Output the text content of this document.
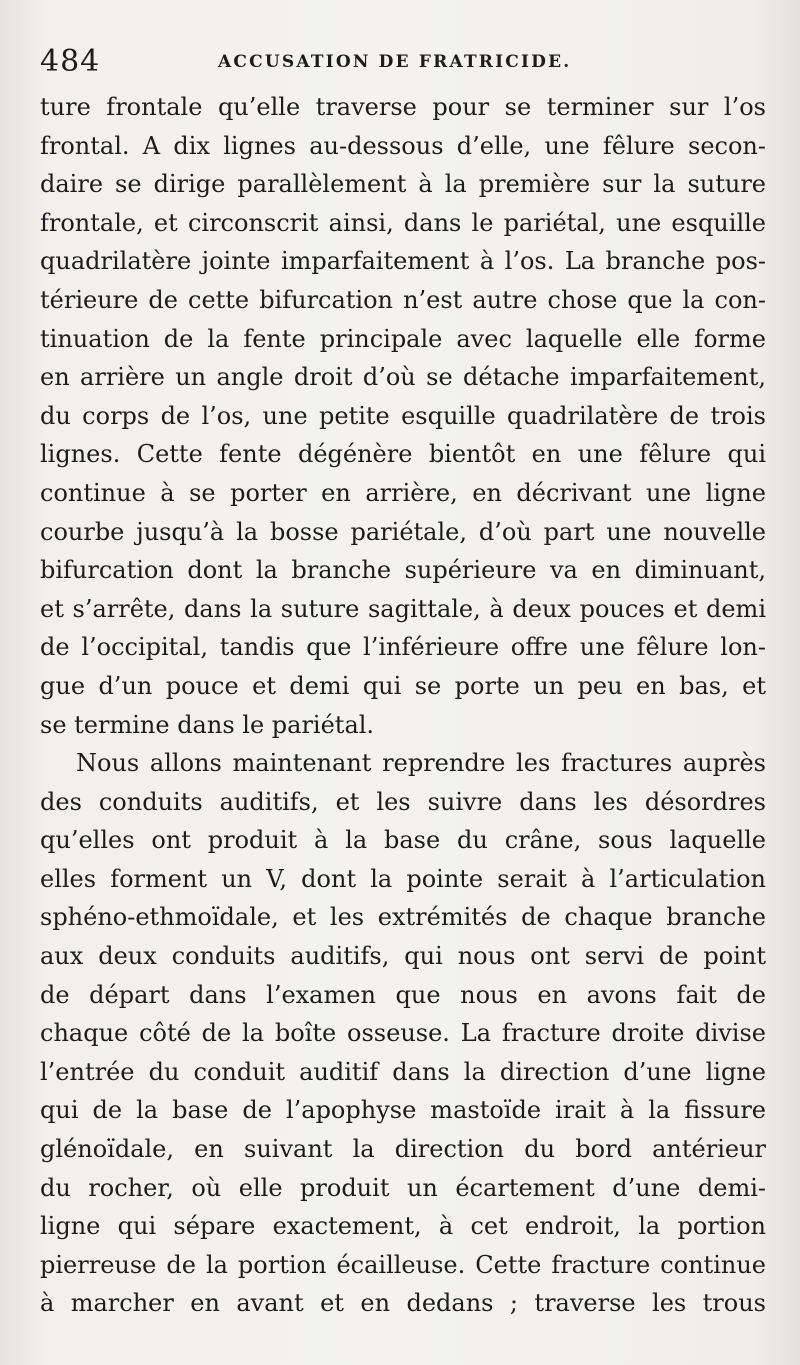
484	ACCUSATION DE FRATRICIDE.
ture frontale qu’elle traverse pour se terminer sur l’os
frontal. A dix lignes au-dessous d’elle, une fêlure secon-
daire se dirige parallèlement à la première sur la suture
frontale, et circonscrit ainsi, dans le pariétal, une esquille
quadrilatère jointe imparfaitement à l’os. La branche pos-
térieure de cette bifurcation n’est autre chose que la con-
tinuation de la fente principale avec laquelle elle forme
en arrière un angle droit d’où se détache imparfaitement,
du corps de l’os, une petite esquille quadrilatère de trois
lignes. Cette fente dégénère bientôt en une fêlure qui
continue à se porter en arrière, en décrivant une ligne
courbe jusqu’à la bosse pariétale, d’où part une nouvelle
bifurcation dont la branche supérieure va en diminuant,
et s’arrête, dans la suture sagittale, à deux pouces et demi
de l’occipital, tandis que l’inférieure offre une fêlure lon-
gue d’un pouce et demi qui se porte un peu en bas, et
se termine dans le pariétal.
Nous allons maintenant reprendre les fractures auprès
des conduits auditifs, et les suivre dans les désordres
qu’elles ont produit à la base du crâne, sous laquelle
elles forment un V, dont la pointe serait à l’articulation
sphéno-ethmoïdale, et les extrémités de chaque branche
aux deux conduits auditifs, qui nous ont servi de point
de départ dans l’examen que nous en avons fait de
chaque côté de la boîte osseuse. La fracture droite divise
l’entrée du conduit auditif dans la direction d’une ligne
qui de la base de l’apophyse mastoïde irait à la fissure
glénoïdale, en suivant la direction du bord antérieur
du rocher, où elle produit un écartement d’une demi-
ligne qui sépare exactement, à cet endroit, la portion
pierreuse de la portion écailleuse. Cette fracture continue
à marcher en avant et en dedans ; traverse les trous
